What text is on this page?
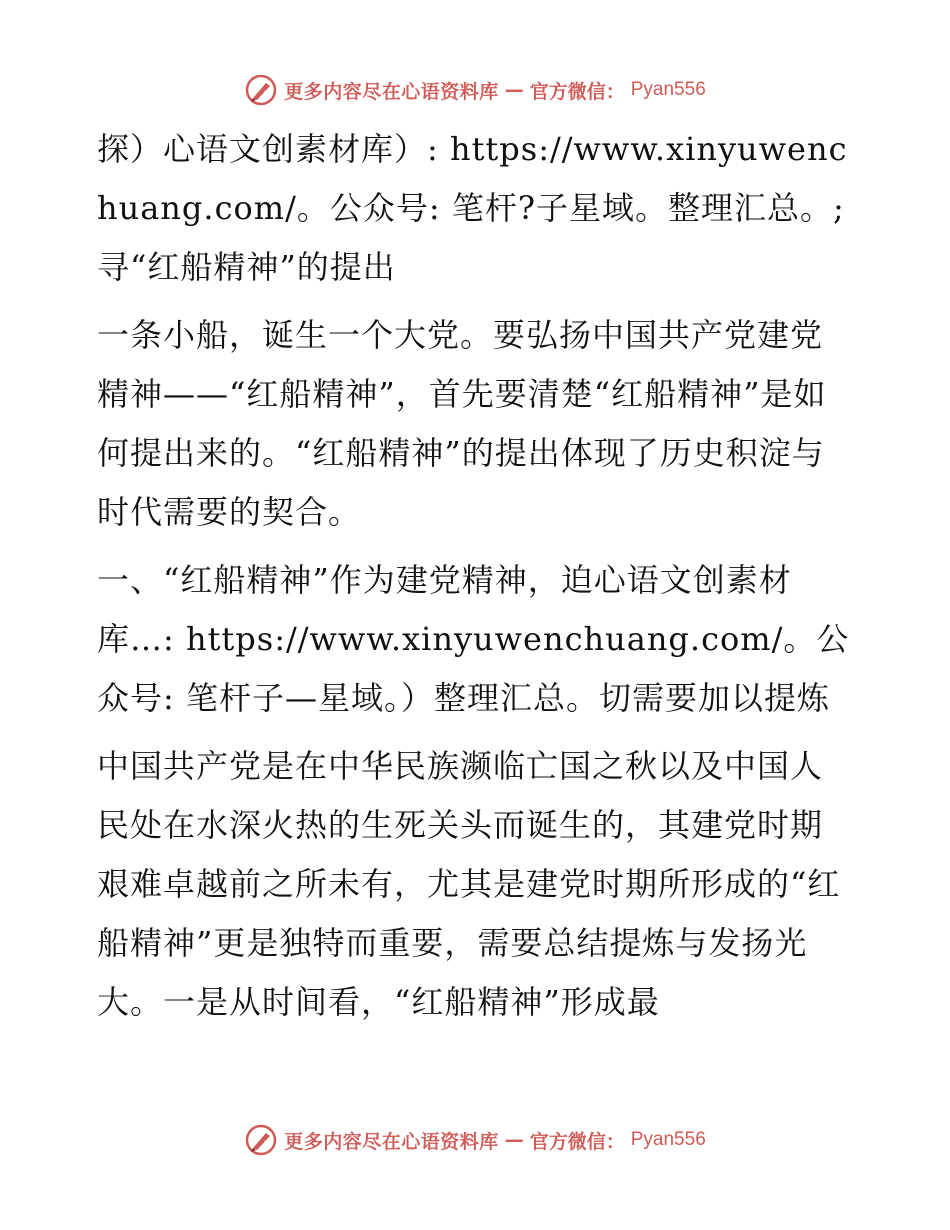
更多内容尽在心语资料库 — 官方微信： Pyan556

探）心语文创素材库）: https://www.xinyuwenchuang.com/。公众号: 笔杆?子星域。整理汇总。;寻“红船精神”的提出

一条小船，诞生一个大党。要弘扬中国共产党建党精神——“红船精神”，首先要清楚“红船精神”是如何提出来的。“红船精神”的提出体现了历史积淀与时代需要的契合。

一、“红船精神”作为建党精神，迫心语文创素材库…: https://www.xinyuwenchuang.com/。公众号: 笔杆子—星域。）整理汇总。切需要加以提炼

中国共产党是在中华民族濒临亡国之秋以及中国人民处在水深火热的生死关头而诞生的，其建党时期艰难卓越前之所未有，尤其是建党时期所形成的“红船精神”更是独特而重要，需要总结提炼与发扬光大。一是从时间看，“红船精神”形成最

更多内容尽在心语资料库 — 官方微信： Pyan556
